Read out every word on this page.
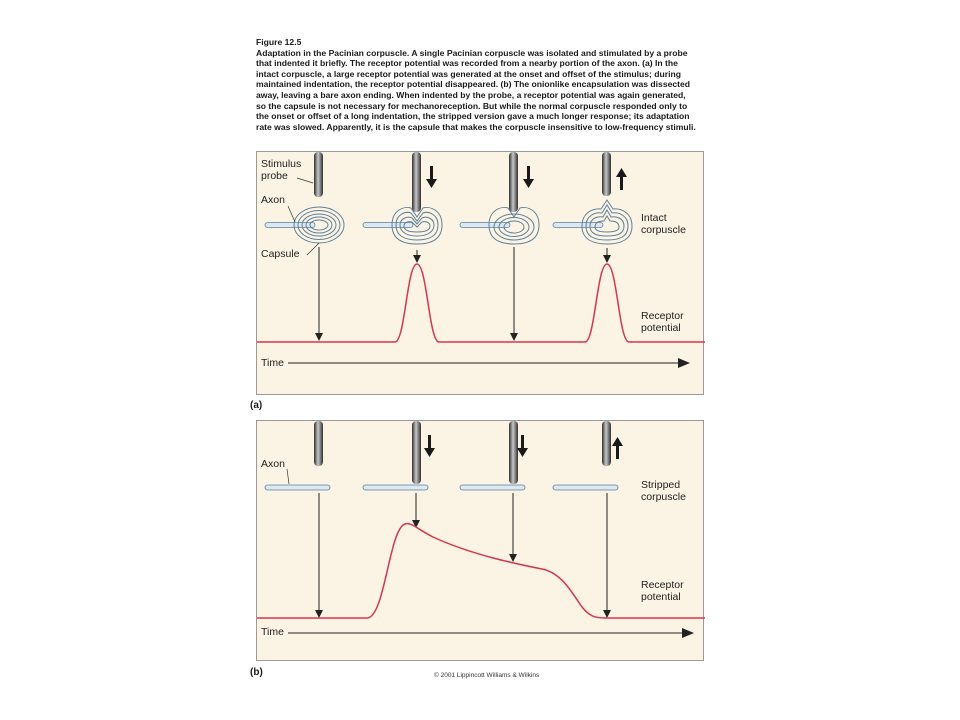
Figure 12.5
Adaptation in the Pacinian corpuscle. A single Pacinian corpuscle was isolated and stimulated by a probe that indented it briefly. The receptor potential was recorded from a nearby portion of the axon. (a) In the intact corpuscle, a large receptor potential was generated at the onset and offset of the stimulus; during maintained indentation, the receptor potential disappeared. (b) The onionlike encapsulation was dissected away, leaving a bare axon ending. When indented by the probe, a receptor potential was again generated, so the capsule is not necessary for mechanoreception. But while the normal corpuscle responded only to the onset or offset of a long indentation, the stripped version gave a much longer response; its adaptation rate was slowed. Apparently, it is the capsule that makes the corpuscle insensitive to low-frequency stimuli.
Stimulus
probe
Axon
Capsule
Intact
corpuscle
Receptor
potential
Time
(a)
Axon
Stripped
corpuscle
Receptor
potential
Time
(b)	© 2001 Lippincott Williams & Wilkins
